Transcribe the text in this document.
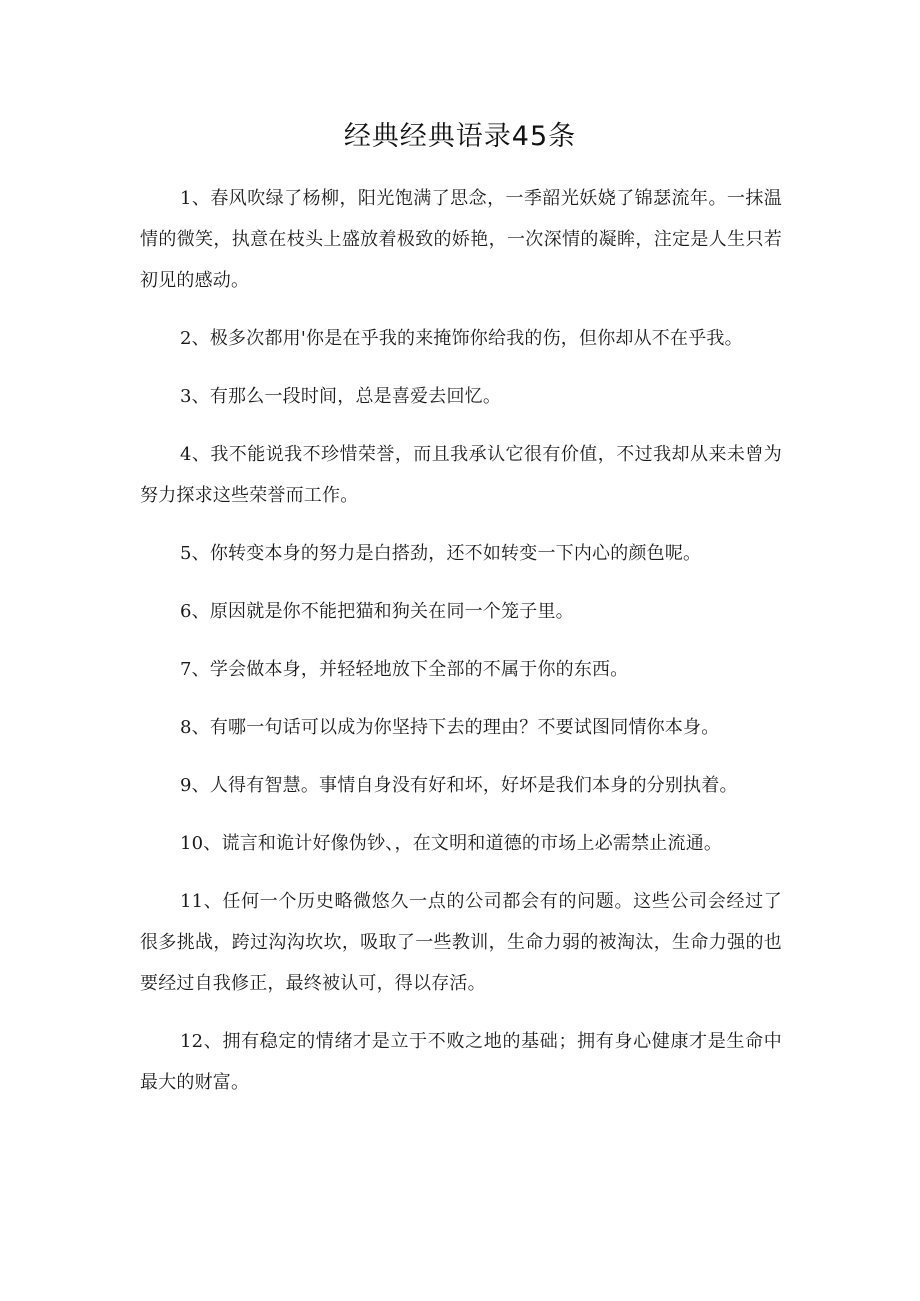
经典经典语录45条

1、春风吹绿了杨柳，阳光饱满了思念，一季韶光妖娆了锦瑟流年。一抹温情的微笑，执意在枝头上盛放着极致的娇艳，一次深情的凝眸，注定是人生只若初见的感动。

2、极多次都用'你是在乎我的来掩饰你给我的伤，但你却从不在乎我。

3、有那么一段时间，总是喜爱去回忆。

4、我不能说我不珍惜荣誉，而且我承认它很有价值，不过我却从来未曾为努力探求这些荣誉而工作。

5、你转变本身的努力是白搭劲，还不如转变一下内心的颜色呢。

6、原因就是你不能把猫和狗关在同一个笼子里。

7、学会做本身，并轻轻地放下全部的不属于你的东西。

8、有哪一句话可以成为你坚持下去的理由？不要试图同情你本身。

9、人得有智慧。事情自身没有好和坏，好坏是我们本身的分别执着。

10、谎言和诡计好像伪钞、，在文明和道德的市场上必需禁止流通。

11、任何一个历史略微悠久一点的公司都会有的问题。这些公司会经过了很多挑战，跨过沟沟坎坎，吸取了一些教训，生命力弱的被淘汰，生命力强的也要经过自我修正，最终被认可，得以存活。

12、拥有稳定的情绪才是立于不败之地的基础；拥有身心健康才是生命中最大的财富。
